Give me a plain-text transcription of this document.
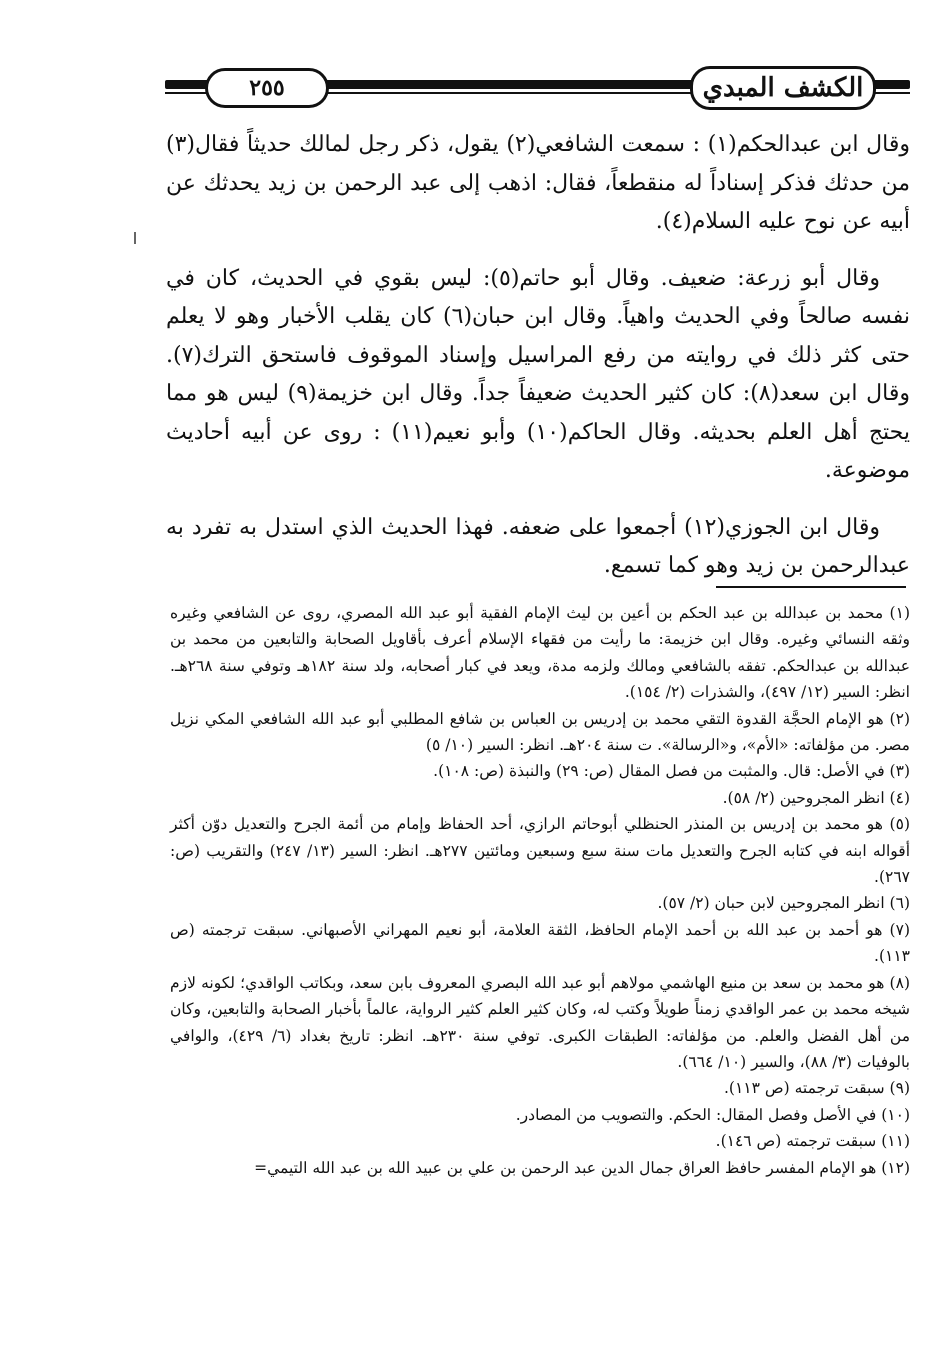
الكشف المبدي
٢٥٥

وقال ابن عبدالحكم(١) : سمعت الشافعي(٢) يقول، ذكر رجل لمالك حديثاً فقال(٣) من حدثك فذكر إسناداً له منقطعاً، فقال: اذهب إلى عبد الرحمن بن زيد يحدثك عن أبيه عن نوح عليه السلام(٤).

وقال أبو زرعة: ضعيف. وقال أبو حاتم(٥): ليس بقوي في الحديث، كان في نفسه صالحاً وفي الحديث واهياً. وقال ابن حبان(٦) كان يقلب الأخبار وهو لا يعلم حتى كثر ذلك في روايته من رفع المراسيل وإسناد الموقوف فاستحق الترك(٧). وقال ابن سعد(٨): كان كثير الحديث ضعيفاً جداً. وقال ابن خزيمة(٩) ليس هو مما يحتج أهل العلم بحديثه. وقال الحاكم(١٠) وأبو نعيم(١١) : روى عن أبيه أحاديث موضوعة.

وقال ابن الجوزي(١٢) أجمعوا على ضعفه. فهذا الحديث الذي استدل به تفرد به عبدالرحمن بن زيد وهو كما تسمع.

(١) محمد بن عبدالله بن عبد الحكم بن أعين بن ليث الإمام الفقية أبو عبد الله المصري، روى عن الشافعي وغيره وثقه النسائي وغيره. وقال ابن خزيمة: ما رأيت من فقهاء الإسلام أعرف بأقاويل الصحابة والتابعين من محمد بن عبدالله بن عبدالحكم. تفقه بالشافعي ومالك ولزمه مدة، ويعد في كبار أصحابه، ولد سنة ١٨٢هـ وتوفي سنة ٢٦٨هـ. انظر: السير (١٢/ ٤٩٧)، والشذرات (٢/ ١٥٤).

(٢) هو الإمام الحجَّة القدوة التقي محمد بن إدريس بن العباس بن شافع المطلبي أبو عبد الله الشافعي المكي نزيل مصر. من مؤلفاته: «الأم»، و«الرسالة». ت سنة ٢٠٤هـ. انظر: السير (١٠/ ٥)

(٣) في الأصل: قال. والمثبت من فصل المقال (ص: ٢٩) والنبذة (ص: ١٠٨).

(٤) انظر المجروحين (٢/ ٥٨).

(٥) هو محمد بن إدريس بن المنذر الحنظلي أبوحاتم الرازي، أحد الحفاظ وإمام من أئمة الجرح والتعديل دوّن أكثر أقواله ابنه في كتابه الجرح والتعديل مات سنة سبع وسبعين ومائتين ٢٧٧هـ. انظر: السير (١٣/ ٢٤٧) والتقريب (ص: ٢٦٧).

(٦) انظر المجروحين لابن حبان (٢/ ٥٧).

(٧) هو أحمد بن عبد الله بن أحمد الإمام الحافظ، الثقة العلامة، أبو نعيم المهراني الأصبهاني. سبقت ترجمته (ص ١١٣).

(٨) هو محمد بن سعد بن منيع الهاشمي مولاهم أبو عبد الله البصري المعروف بابن سعد، وبكاتب الواقدي؛ لكونه لازم شيخه محمد بن عمر الواقدي زمناً طويلاً وكتب له، وكان كثير العلم كثير الرواية، عالماً بأخبار الصحابة والتابعين، وكان من أهل الفضل والعلم. من مؤلفاته: الطبقات الكبرى. توفي سنة ٢٣٠هـ. انظر: تاريخ بغداد (٦/ ٤٢٩)، والوافي بالوفيات (٣/ ٨٨)، والسير (١٠/ ٦٦٤).

(٩) سبقت ترجمته (ص ١١٣).

(١٠) في الأصل وفصل المقال: الحكم. والتصويب من المصادر.

(١١) سبقت ترجمته (ص ١٤٦).

(١٢) هو الإمام المفسر حافظ العراق جمال الدين عبد الرحمن بن علي بن عبيد الله بن عبد الله التيمي=
